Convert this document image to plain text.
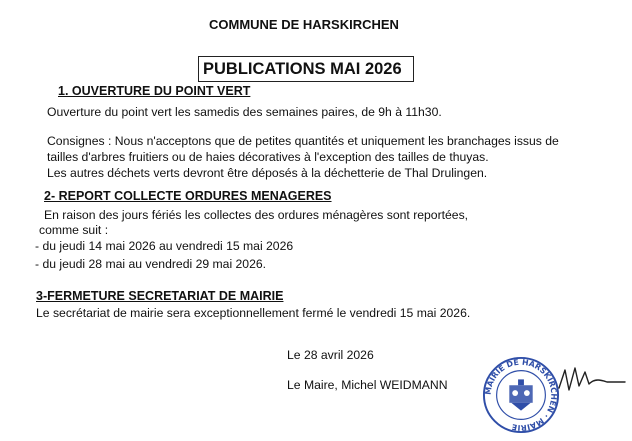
COMMUNE DE HARSKIRCHEN
PUBLICATIONS MAI 2026
1. OUVERTURE DU POINT VERT
Ouverture du point vert les samedis des semaines paires, de 9h à 11h30.
Consignes : Nous n'acceptons que de petites quantités et uniquement les branchages issus de
tailles d'arbres fruitiers ou de haies décoratives à l'exception des tailles de thuyas.
Les autres déchets verts devront être déposés à la déchetterie de Thal Drulingen.
2- REPORT COLLECTE ORDURES MENAGERES
En raison des jours fériés les collectes des ordures ménagères sont reportées,
comme suit :
- du jeudi 14 mai 2026 au vendredi 15 mai 2026
- du jeudi 28 mai au vendredi 29 mai 2026.
3-FERMETURE SECRETARIAT DE MAIRIE
Le secrétariat de mairie sera exceptionnellement fermé le vendredi 15 mai 2026.
Le 28 avril 2026
Le Maire, Michel WEIDMANN	MAIRIE DE HARSKIRCHEN · MAIRIE
